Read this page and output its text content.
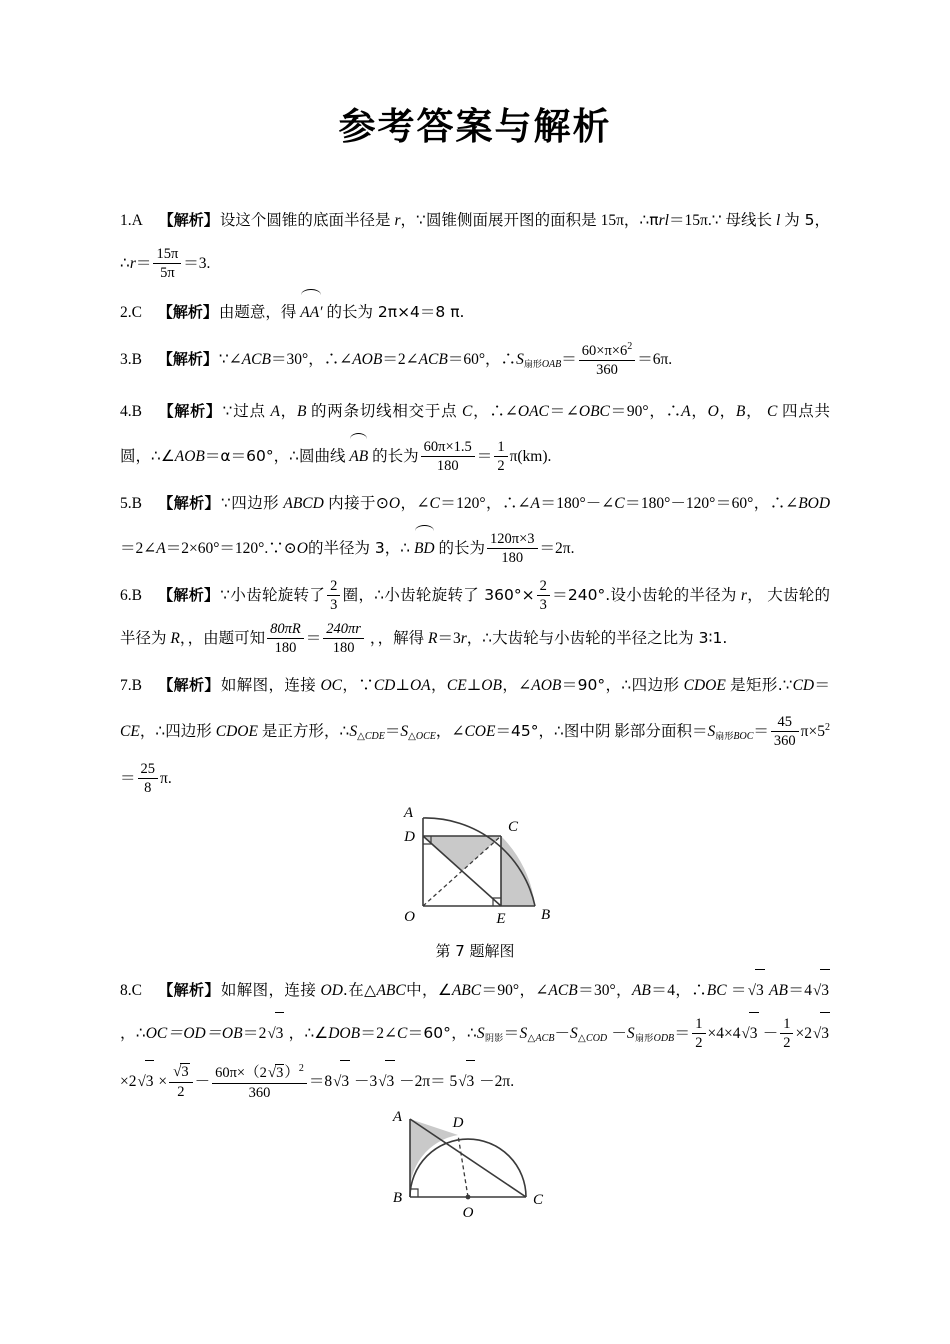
参考答案与解析
1.A 【解析】设这个圆锥的底面半径是 r，∵圆锥侧面展开图的面积是 15π，∴πrl＝15π.∵ 母线长 l 为 5，∴r＝ $\frac{15\pi}{5\pi} =3$.
2.C 【解析】由题意，得 AA′ 的长为 2π×4＝8 π.
3.B 【解析】∵∠ACB＝30°，∴∠AOB＝2∠ACB＝60°，$\therefore S_{扇形}OAB= \frac{60\times\pi\times 6^2}{360} =6\pi$.
4.B 【解析】∵过点 A，B 的两条切线相交于点 C，∴∠OAC＝∠OBC＝90°，∴A，O，B， C 四点共圆，∴∠AOB＝α＝60°，∴圆曲线 AB 的长为 $\frac{60\pi\times 1.5}{180} = \frac{1}{2} \pi(km)$.
5.B 【解析】∵四边形 ABCD 内接于⊙O，∠C＝120°，∴∠A＝180°－∠C＝180°－120°＝60°，∴∠BOD＝2∠A＝2×60°＝120°.∵⊙O的半径为 3，∴ BD 的长为 $\frac{120\pi\times 3}{180} =2\pi$.
6.B 【解析】∵小齿轮旋转了 $\frac{2}{3}$ 圈，∴小齿轮旋转了 $360^\circ\times \frac{2}{3} =240^\circ$.设小齿轮的半径为 r， 大齿轮的半径为 R，，由题可知 $\frac{80\pi R}{180} = \frac{240\pi r}{180}$ ，，解得 R＝3r，∴大齿轮与小齿轮的半径之比为 3∶1.
7.B 【解析】如解图，连接 OC，∵CD⊥OA，CE⊥OB，∠AOB＝90°，∴四边形 CDOE 是矩形.∵CD＝CE，∴四边形 CDOE 是正方形，∴S△CDE＝S△OCE，∠COE＝45°，∴图中阴 影部分面积$=S_{扇形}BOC= \frac{45}{360} \pi\times 5^2= \frac{25}{8} \pi$.
A
C
D
O	E B
第 7 题解图
8.C 【解析】如解图，连接 OD.在△ABC中，∠ABC＝90°，∠ACB＝30°，AB＝4，∴BC ＝√3 AB＝4√3 ，∴OC＝OD＝OB＝2√3 ，∴∠DOB＝2∠C＝60°，$\therefore S_{阴影}=S\triangle ACB-S\triangle COD -S_{扇形}ODB= \frac{1}{2} \times 4\times 4√3 - \frac{1}{2} \times 2√3 \times 2√3 \times \frac{√3}{2} - \frac{60\pi\times(2√3)^2}{360} =8√3 -3√3 -2\pi= 5√3 -2\pi$.
A	D
B
O
C
